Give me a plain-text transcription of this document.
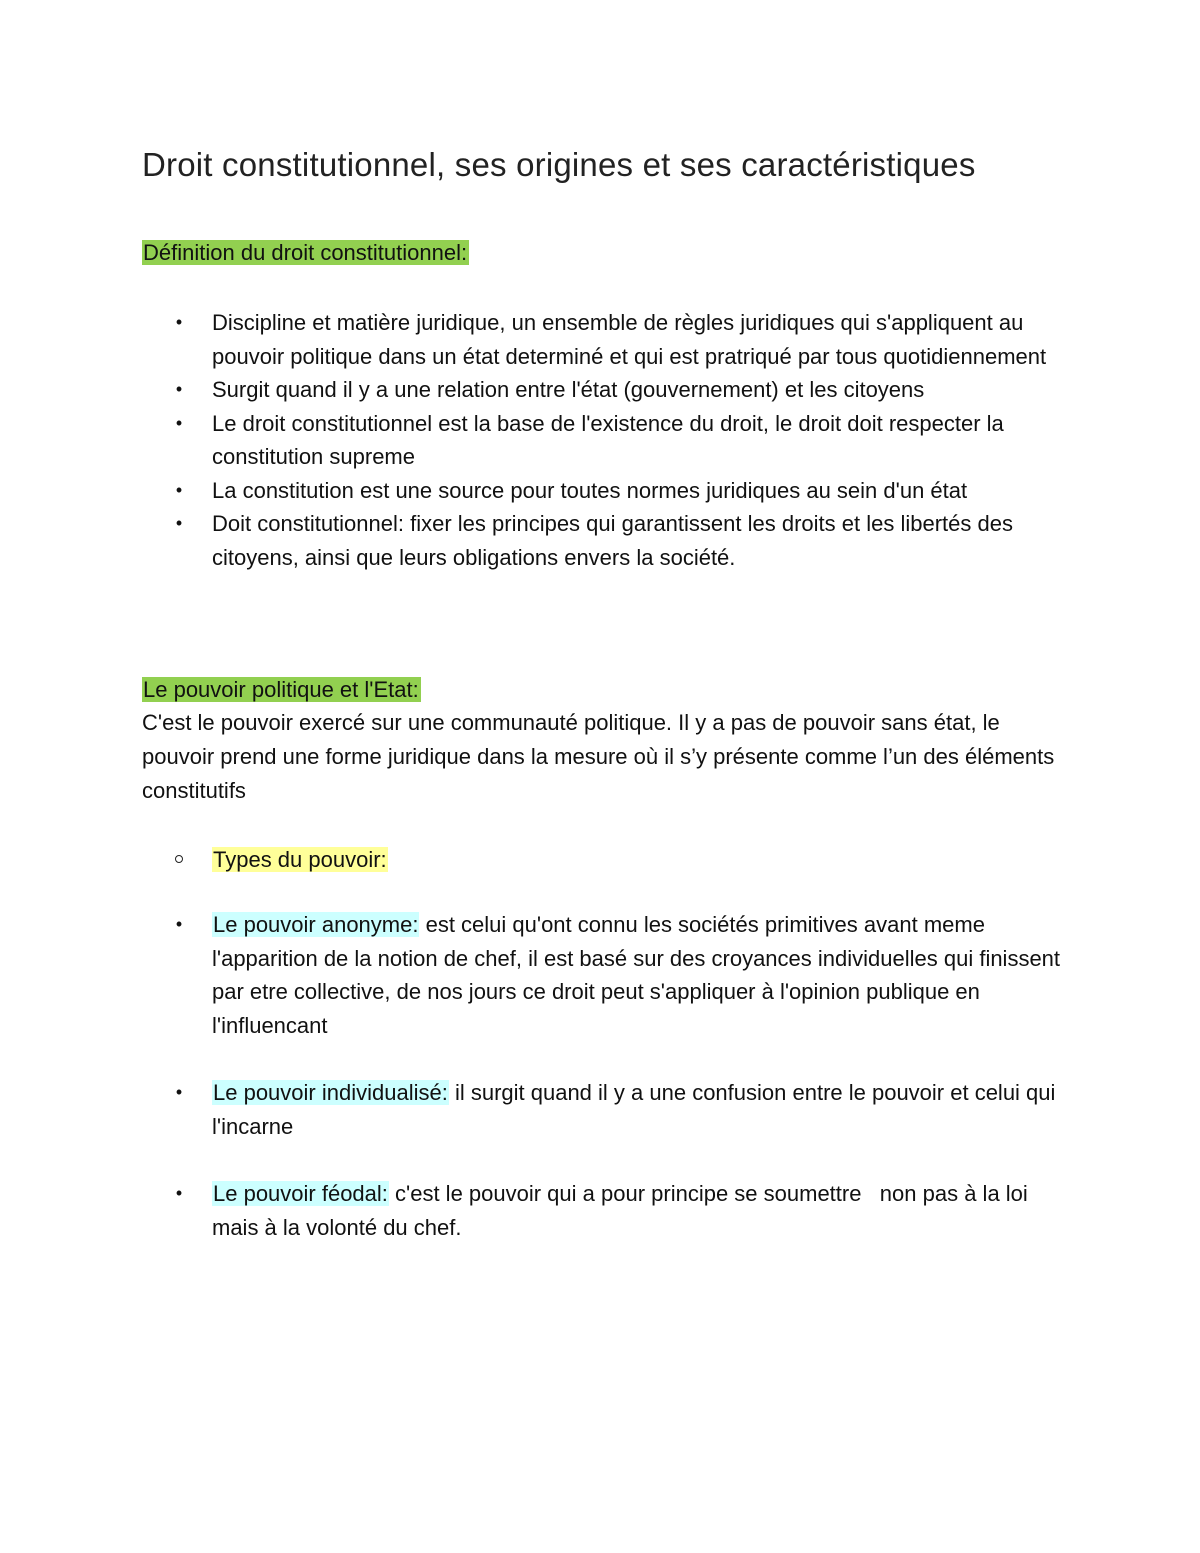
Droit constitutionnel, ses origines et ses caractéristiques
Définition du droit constitutionnel:
• Discipline et matière juridique, un ensemble de règles juridiques qui s'appliquent au pouvoir politique dans un état determiné et qui est pratriqué par tous quotidiennement
• Surgit quand il y a une relation entre l'état (gouvernement) et les citoyens
• Le droit constitutionnel est la base de l'existence du droit, le droit doit respecter la constitution supreme
• La constitution est une source pour toutes normes juridiques au sein d'un état
• Doit constitutionnel: fixer les principes qui garantissent les droits et les libertés des citoyens, ainsi que leurs obligations envers la société.
Le pouvoir politique et l'Etat:
C'est le pouvoir exercé sur une communauté politique. Il y a pas de pouvoir sans état, le pouvoir prend une forme juridique dans la mesure où il s’y présente comme l’un des éléments constitutifs
Types du pouvoir:
• Le pouvoir anonyme: est celui qu'ont connu les sociétés primitives avant meme l'apparition de la notion de chef, il est basé sur des croyances individuelles qui finissent par etre collective, de nos jours ce droit peut s'appliquer à l'opinion publique en l'influencant
• Le pouvoir individualisé: il surgit quand il y a une confusion entre le pouvoir et celui qui l'incarne
• Le pouvoir féodal: c'est le pouvoir qui a pour principe se soumettre   non pas à la loi mais à la volonté du chef.
